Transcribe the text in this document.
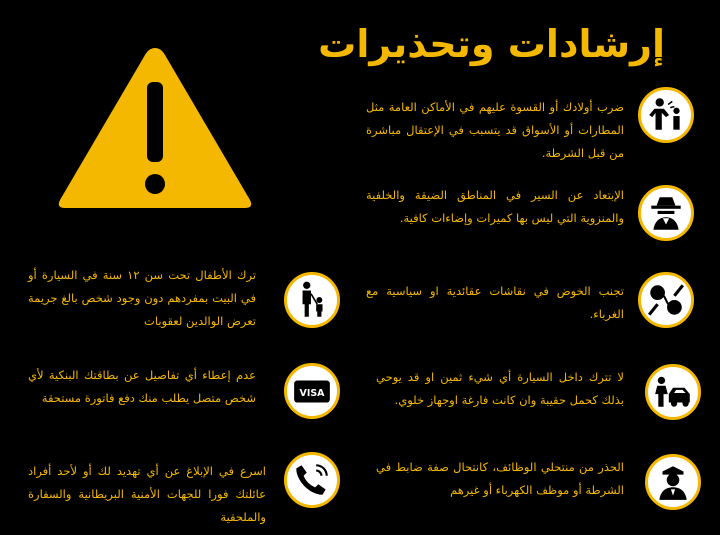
إرشادات وتحذيرات
ضرب أولادك أو القسوة عليهم في الأماكن العامة مثل المطارات أو الأسواق قد يتسبب في الإعتقال مباشرة من قبل الشرطة.
الإبتعاد عن السير في المناطق الضيقة والخلفية والمنزوية التي ليس بها كميرات وإضاءات كافية.
تجنب الخوض في نقاشات عقائدية او سياسية مع الغرباء.
لا تترك داخل السيارة أي شيء ثمين او قد يوحي بذلك كحمل حقيبة وان كانت فارغة اوجهاز خلوي.
الحذر من منتحلي الوظائف، كانتحال صفة ضابط في الشرطة أو موظف الكهرباء أو غيرهم
ترك الأطفال تحت سن ١٢ سنة في السيارة أو في البيت بمفردهم دون وجود شخص بالغ جريمة تعرض الوالدين لعقوبات
VISA
عدم إعطاء أي تفاصيل عن بطاقتك البنكية لأي شخص متصل يطلب منك دفع فاتورة مستحقة
اسرع في الإبلاغ عن أي تهديد لك أو لأحد أفراد عائلتك فورا للجهات الأمنية البريطانية والسفارة والملحقية
